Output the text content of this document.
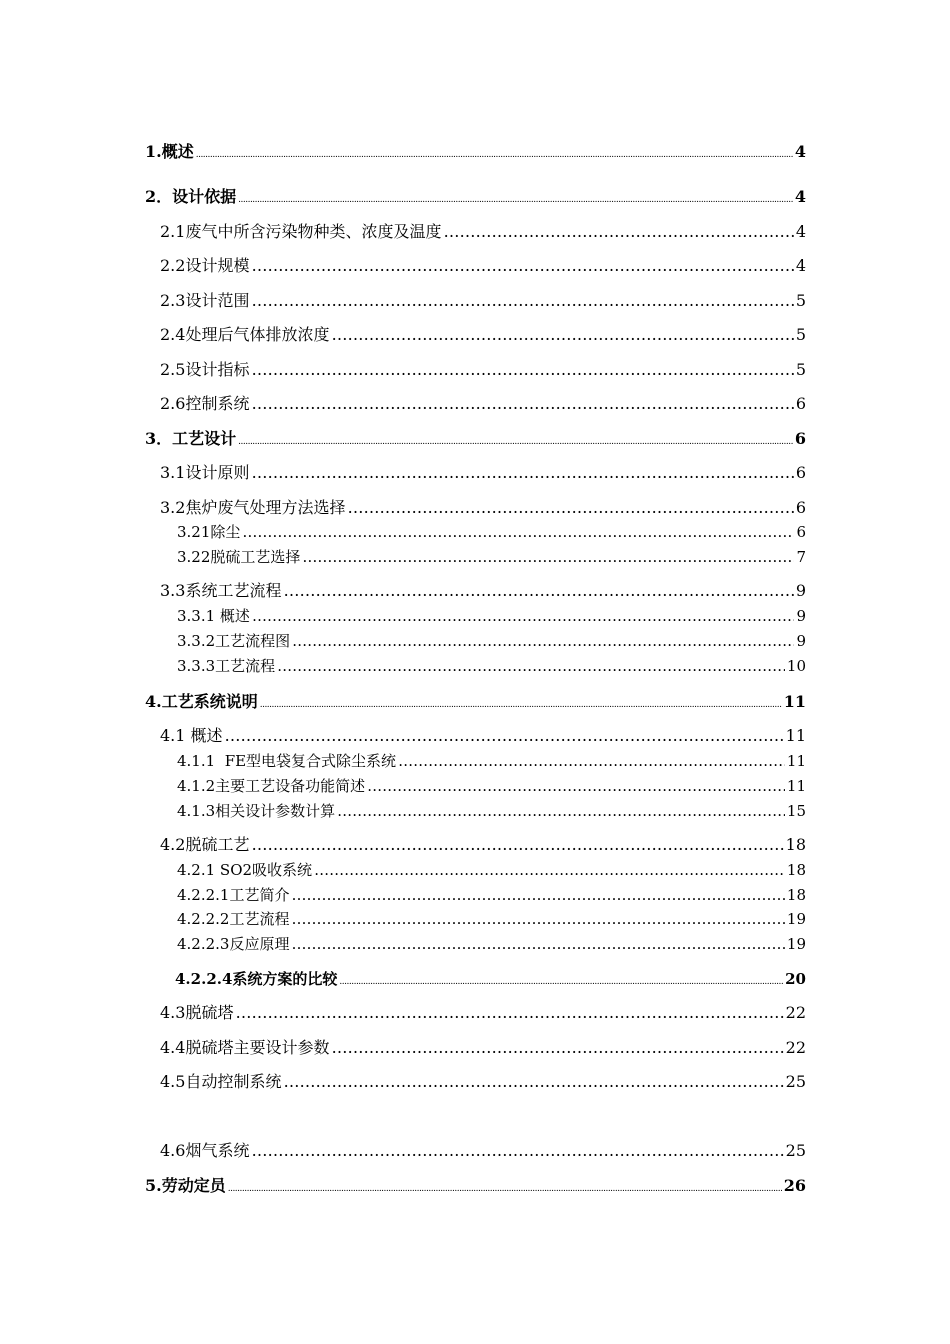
1.概述 .....	4
2．设计依据 .....	4
2.1废气中所含污染物种类、浓度及温度 ………………………………………………………………………………………………………………………………………………………………………………………………………………………………	4
2.2设计规模 ………………………………………………………………………………………………………………………………………………………………………………………………………………………………	4
2.3设计范围 ………………………………………………………………………………………………………………………………………………………………………………………………………………………………	5
2.4处理后气体排放浓度 ………………………………………………………………………………………………………………………………………………………………………………………………………………………………	5
2.5设计指标 ………………………………………………………………………………………………………………………………………………………………………………………………………………………………	5
2.6控制系统 ………………………………………………………………………………………………………………………………………………………………………………………………………………………………	6
3．工艺设计 .....	6
3.1设计原则 ………………………………………………………………………………………………………………………………………………………………………………………………………………………………	6
3.2焦炉废气处理方法选择 ………………………………………………………………………………………………………………………………………………………………………………………………………………………………	6
3.21除尘 ………………………………………………………………………………………………………………………………………………………………………………………………………………………………	6
3.22脱硫工艺选择 ………………………………………………………………………………………………………………………………………………………………………………………………………………………………	7
3.3系统工艺流程 ………………………………………………………………………………………………………………………………………………………………………………………………………………………………	9
3.3.1 概述 ………………………………………………………………………………………………………………………………………………………………………………………………………………………………	9
3.3.2工艺流程图 ………………………………………………………………………………………………………………………………………………………………………………………………………………………………	9
3.3.3工艺流程 ………………………………………………………………………………………………………………………………………………………………………………………………………………………………	10
4.工艺系统说明 .....	11
4.1 概述 ………………………………………………………………………………………………………………………………………………………………………………………………………………………………	11
4.1.1  FE型电袋复合式除尘系统 ………………………………………………………………………………………………………………………………………………………………………………………………………………………………	11
4.1.2主要工艺设备功能简述 ………………………………………………………………………………………………………………………………………………………………………………………………………………………………	11
4.1.3相关设计参数计算 ………………………………………………………………………………………………………………………………………………………………………………………………………………………………	15
4.2脱硫工艺 ………………………………………………………………………………………………………………………………………………………………………………………………………………………………	18
4.2.1 SO2吸收系统 ………………………………………………………………………………………………………………………………………………………………………………………………………………………………	18
4.2.2.1工艺简介 ………………………………………………………………………………………………………………………………………………………………………………………………………………………………	18
4.2.2.2工艺流程 ………………………………………………………………………………………………………………………………………………………………………………………………………………………………	19
4.2.2.3反应原理 ………………………………………………………………………………………………………………………………………………………………………………………………………………………………	19
4.2.2.4系统方案的比较 .....	20
4.3脱硫塔 ………………………………………………………………………………………………………………………………………………………………………………………………………………………………	22
4.4脱硫塔主要设计参数 ………………………………………………………………………………………………………………………………………………………………………………………………………………………………	22
4.5自动控制系统 ………………………………………………………………………………………………………………………………………………………………………………………………………………………………	25
4.6烟气系统 ………………………………………………………………………………………………………………………………………………………………………………………………………………………………	25
5.劳动定员 .....	26
